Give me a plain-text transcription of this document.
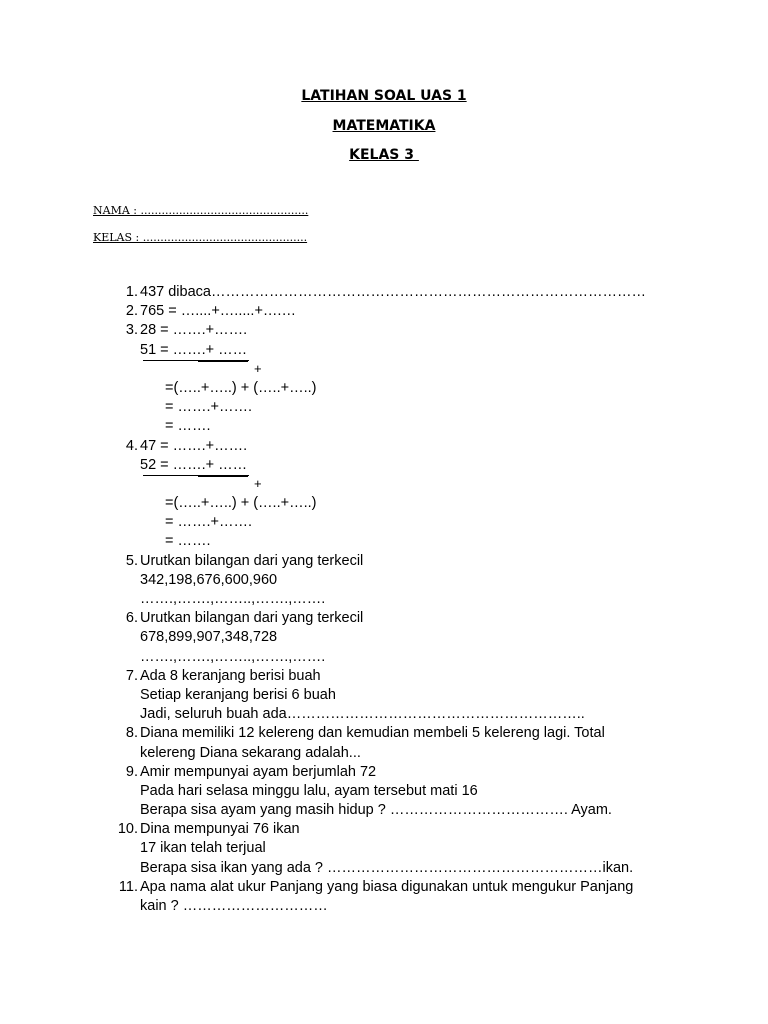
LATIHAN SOAL UAS 1
MATEMATIKA
KELAS 3
NAMA : ................................................
KELAS : ...............................................
1. 437 dibaca………………………………………………………………………………
2. 765 = …....+….....+….…
3. 28 = …….+…….
51 = …….+ ……
+
=(…..+…..) + (…..+…..)
= …….+…….
= …….
4. 47 = …….+…….
52 = …….+ ……
+
=(…..+…..) + (…..+…..)
= …….+…….
= …….
5. Urutkan bilangan dari yang terkecil
342,198,676,600,960
…….,…….,……..,…….,…….
6. Urutkan bilangan dari yang terkecil
678,899,907,348,728
…….,…….,……..,…….,…….
7. Ada 8 keranjang berisi buah
Setiap keranjang berisi 6 buah
Jadi, seluruh buah ada……………………………………………………..
8. Diana memiliki 12 kelereng dan kemudian membeli 5 kelereng lagi. Total
kelereng Diana sekarang adalah...
9. Amir mempunyai ayam berjumlah 72
Pada hari selasa minggu lalu, ayam tersebut mati 16
Berapa sisa ayam yang masih hidup ? ………………………………. Ayam.
10. Dina mempunyai 76 ikan
17 ikan telah terjual
Berapa sisa ikan yang ada ? …………………………………………………ikan.
11. Apa nama alat ukur Panjang yang biasa digunakan untuk mengukur Panjang
kain ? …………………………
